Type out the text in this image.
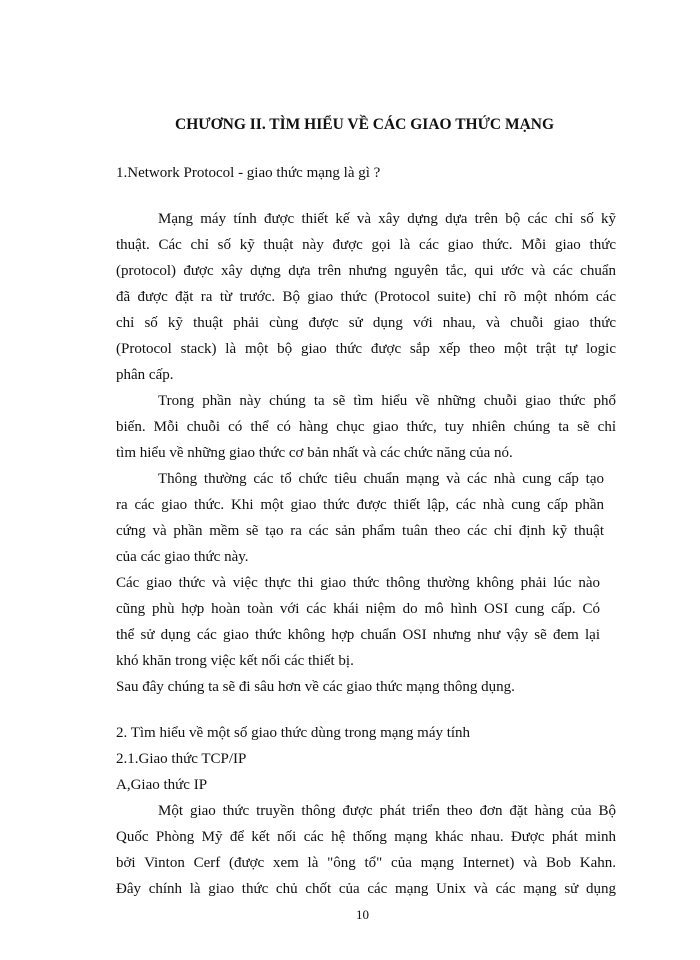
CHƯƠNG II. TÌM HIỂU VỀ CÁC GIAO THỨC MẠNG
1.Network Protocol - giao thức mạng là gì ?
Mạng máy tính được thiết kế và xây dựng dựa trên bộ các chỉ số kỹ
thuật. Các chỉ số kỹ thuật này được gọi là các giao thức. Mỗi giao thức
(protocol) được xây dựng dựa trên nhưng nguyên tắc, qui ước và các chuẩn
đã được đặt ra từ trước. Bộ giao thức (Protocol suite) chỉ rõ một nhóm các
chỉ số kỹ thuật phải cùng được sử dụng với nhau, và chuỗi giao thức
(Protocol stack) là một bộ giao thức được sắp xếp theo một trật tự logic
phân cấp.
Trong phần này chúng ta sẽ tìm hiểu về những chuỗi giao thức phổ
biến. Mỗi chuỗi có thể có hàng chục giao thức, tuy nhiên chúng ta sẽ chỉ
tìm hiểu về những giao thức cơ bản nhất và các chức năng của nó.
Thông thường các tổ chức tiêu chuẩn mạng và các nhà cung cấp tạo
ra các giao thức. Khi một giao thức được thiết lập, các nhà cung cấp phần
cứng và phần mềm sẽ tạo ra các sản phẩm tuân theo các chỉ định kỹ thuật
của các giao thức này.
Các giao thức và việc thực thi giao thức thông thường không phải lúc nào
cũng phù hợp hoàn toàn với các khái niệm do mô hình OSI cung cấp. Có
thể sử dụng các giao thức không hợp chuẩn OSI nhưng như vậy sẽ đem lại
khó khăn trong việc kết nối các thiết bị.
Sau đây chúng ta sẽ đi sâu hơn về các giao thức mạng thông dụng.
2. Tìm hiểu về một số giao thức dùng trong mạng máy tính
2.1.Giao thức TCP/IP
A,Giao thức IP
Một giao thức truyền thông được phát triển theo đơn đặt hàng của Bộ
Quốc Phòng Mỹ để kết nối các hệ thống mạng khác nhau. Được phát minh
bởi Vinton Cerf (được xem là "ông tổ" của mạng Internet) và Bob Kahn.
Đây chính là giao thức chủ chốt của các mạng Unix và các mạng sử dụng
10
